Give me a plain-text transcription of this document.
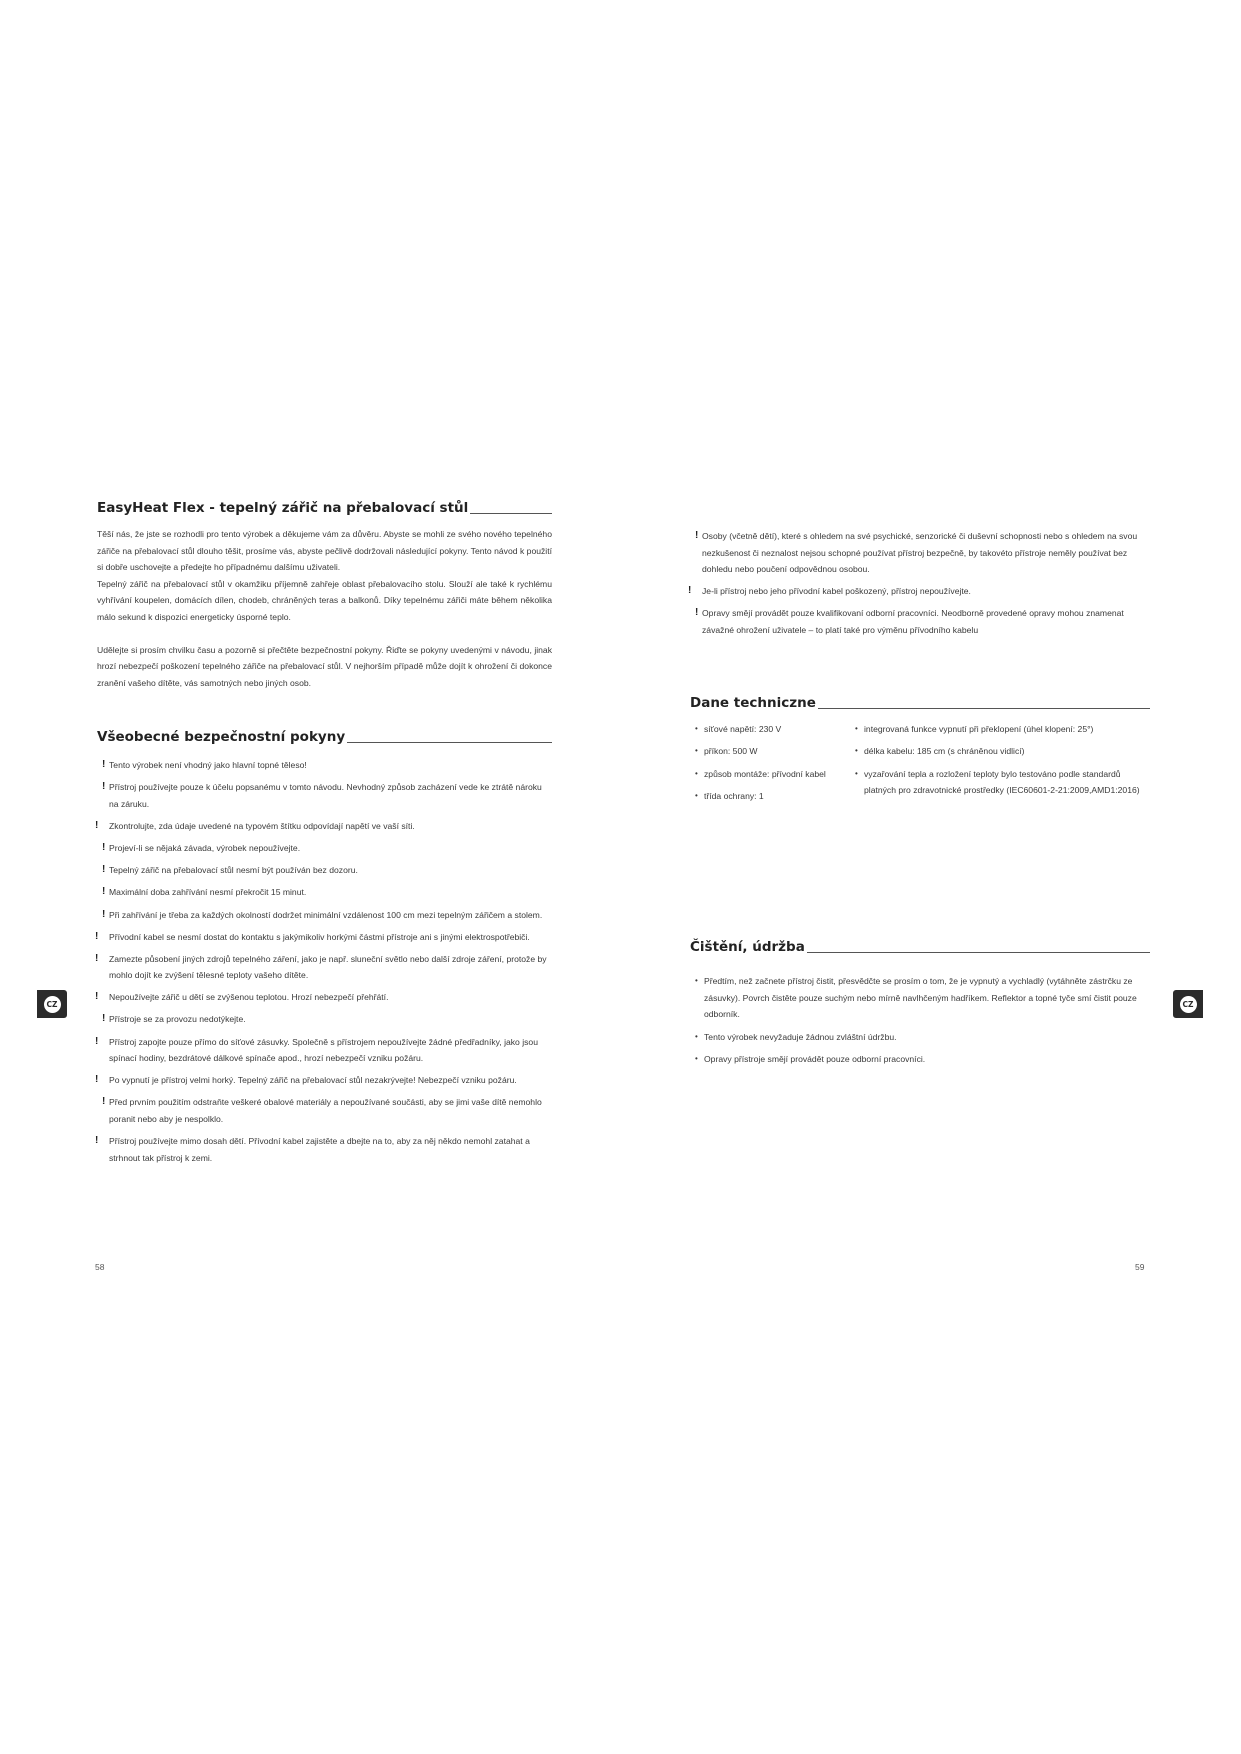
EasyHeat Flex - tepelný zářič na přebalovací stůl

Těší nás, že jste se rozhodli pro tento výrobek a děkujeme vám za důvěru. Abyste se mohli ze svého nového tepelného zářiče na přebalovací stůl dlouho těšit, prosíme vás, abyste pečlivě dodržovali následující pokyny. Tento návod k použití si dobře uschovejte a předejte ho případnému dalšímu uživateli.

Tepelný zářič na přebalovací stůl v okamžiku příjemně zahřeje oblast přebalovacího stolu. Slouží ale také k rychlému vyhřívání koupelen, domácích dílen, chodeb, chráněných teras a balkonů. Díky tepelnému zářiči máte během několika málo sekund k dispozici energeticky úsporné teplo.

Udělejte si prosím chvilku času a pozorně si přečtěte bezpečnostní pokyny. Řiďte se pokyny uvedenými v návodu, jinak hrozí nebezpečí poškození tepelného zářiče na přebalovací stůl. V nejhorším případě může dojít k ohrožení či dokonce zranění vašeho dítěte, vás samotných nebo jiných osob.

Všeobecné bezpečnostní pokyny
! Tento výrobek není vhodný jako hlavní topné těleso!
! Přístroj používejte pouze k účelu popsanému v tomto návodu. Nevhodný způsob zacházení vede ke ztrátě nároku na záruku.
! Zkontrolujte, zda údaje uvedené na typovém štítku odpovídají napětí ve vaší síti.
! Projeví-li se nějaká závada, výrobek nepoužívejte.
! Tepelný zářič na přebalovací stůl nesmí být používán bez dozoru.
! Maximální doba zahřívání nesmí překročit 15 minut.
! Při zahřívání je třeba za každých okolností dodržet minimální vzdálenost 100 cm mezi tepelným zářičem a stolem.
! Přívodní kabel se nesmí dostat do kontaktu s jakýmikoliv horkými částmi přístroje ani s jinými elektrospotřebiči.
! Zamezte působení jiných zdrojů tepelného záření, jako je např. sluneční světlo nebo další zdroje záření, protože by mohlo dojít ke zvýšení tělesné teploty vašeho dítěte.
! Nepoužívejte zářič u dětí se zvýšenou teplotou. Hrozí nebezpečí přehřátí.
! Přístroje se za provozu nedotýkejte.
! Přístroj zapojte pouze přímo do síťové zásuvky. Společně s přístrojem nepoužívejte žádné předřadníky, jako jsou spínací hodiny, bezdrátové dálkové spínače apod., hrozí nebezpečí vzniku požáru.
! Po vypnutí je přístroj velmi horký. Tepelný zářič na přebalovací stůl nezakrývejte! Nebezpečí vzniku požáru.
! Před prvním použitím odstraňte veškeré obalové materiály a nepoužívané součásti, aby se jimi vaše dítě nemohlo poranit nebo aby je nespolklo.
! Přístroj používejte mimo dosah dětí. Přívodní kabel zajistěte a dbejte na to, aby za něj někdo nemohl zatahat a strhnout tak přístroj k zemi.
! Osoby (včetně dětí), které s ohledem na své psychické, senzorické či duševní schopnosti nebo s ohledem na svou nezkušenost či neznalost nejsou schopné používat přístroj bezpečně, by takovéto přístroje neměly používat bez dohledu nebo poučení odpovědnou osobou.
! Je-li přístroj nebo jeho přívodní kabel poškozený, přístroj nepoužívejte.
! Opravy smějí provádět pouze kvalifikovaní odborní pracovníci. Neodborně provedené opravy mohou znamenat závažné ohrožení uživatele – to platí také pro výměnu přívodního kabelu
Dane techniczne
• síťové napětí: 230 V
• příkon: 500 W
• způsob montáže: přívodní kabel
• třída ochrany: 1
• integrovaná funkce vypnutí při překlopení (úhel klopení: 25°)
• délka kabelu: 185 cm (s chráněnou vidlicí)
• vyzařování tepla a rozložení teploty bylo testováno podle standardů platných pro zdravotnické prostředky (IEC60601-2-21:2009,AMD1:2016)
Čištění, údržba
• Předtím, než začnete přístroj čistit, přesvědčte se prosím o tom, že je vypnutý a vychladlý (vytáhněte zástrčku ze zásuvky). Povrch čistěte pouze suchým nebo mírně navlhčeným hadříkem. Reflektor a topné tyče smí čistit pouze odborník.
• Tento výrobek nevyžaduje žádnou zvláštní údržbu.
• Opravy přístroje smějí provádět pouze odborní pracovníci.
CZ	CZ
58	59
